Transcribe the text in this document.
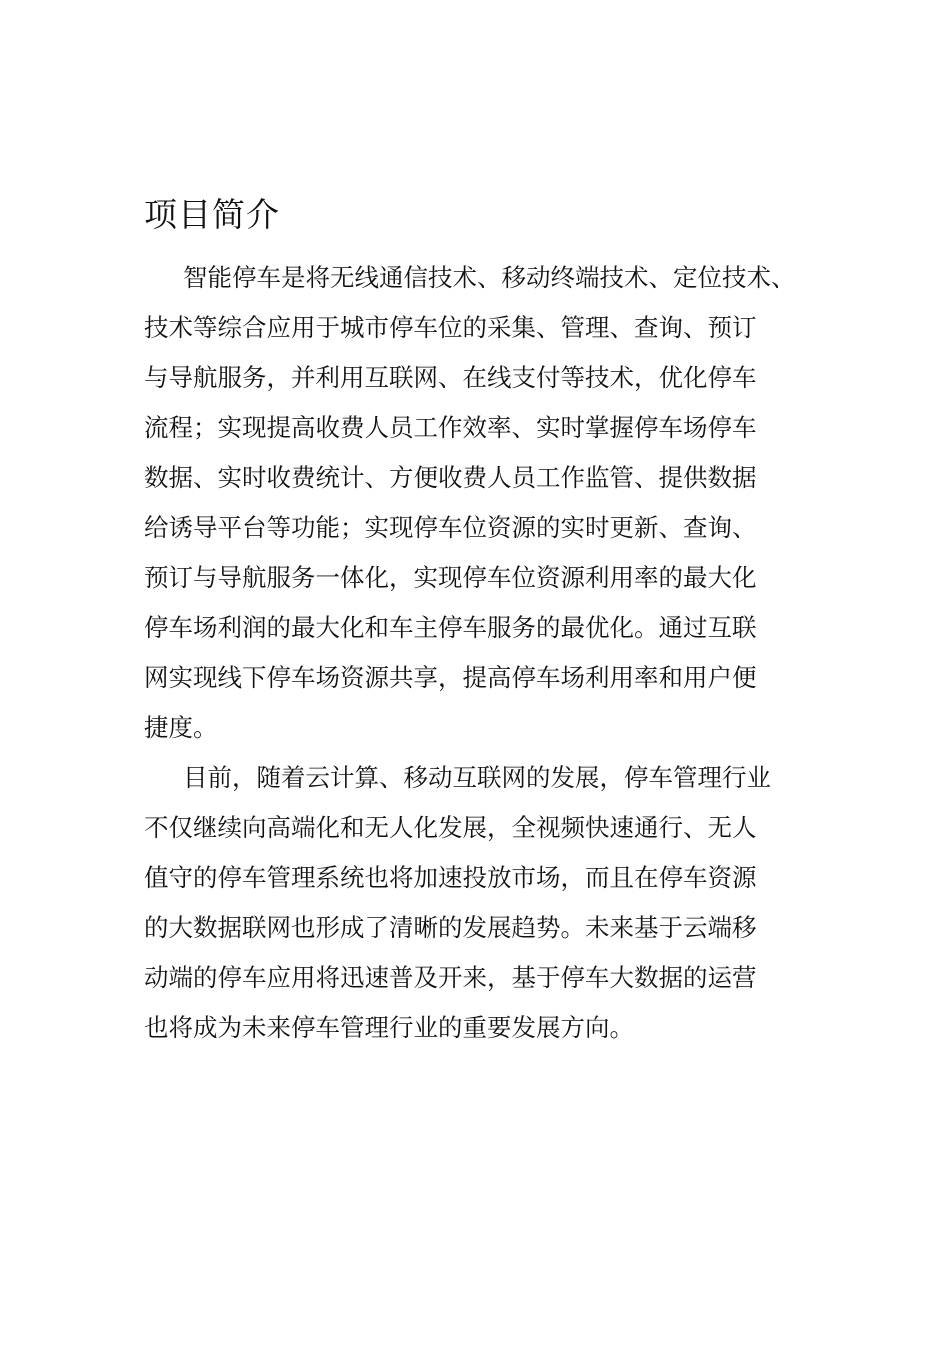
项目简介
智能停车是将无线通信技术、移动终端技术、定位技术、
技术等综合应用于城市停车位的采集、管理、查询、预订
与导航服务，并利用互联网、在线支付等技术，优化停车
流程；实现提高收费人员工作效率、实时掌握停车场停车
数据、实时收费统计、方便收费人员工作监管、提供数据
给诱导平台等功能；实现停车位资源的实时更新、查询、
预订与导航服务一体化，实现停车位资源利用率的最大化
停车场利润的最大化和车主停车服务的最优化。通过互联
网实现线下停车场资源共享，提高停车场利用率和用户便
捷度。
目前，随着云计算、移动互联网的发展，停车管理行业
不仅继续向高端化和无人化发展，全视频快速通行、无人
值守的停车管理系统也将加速投放市场，而且在停车资源
的大数据联网也形成了清晰的发展趋势。未来基于云端移
动端的停车应用将迅速普及开来，基于停车大数据的运营
也将成为未来停车管理行业的重要发展方向。
